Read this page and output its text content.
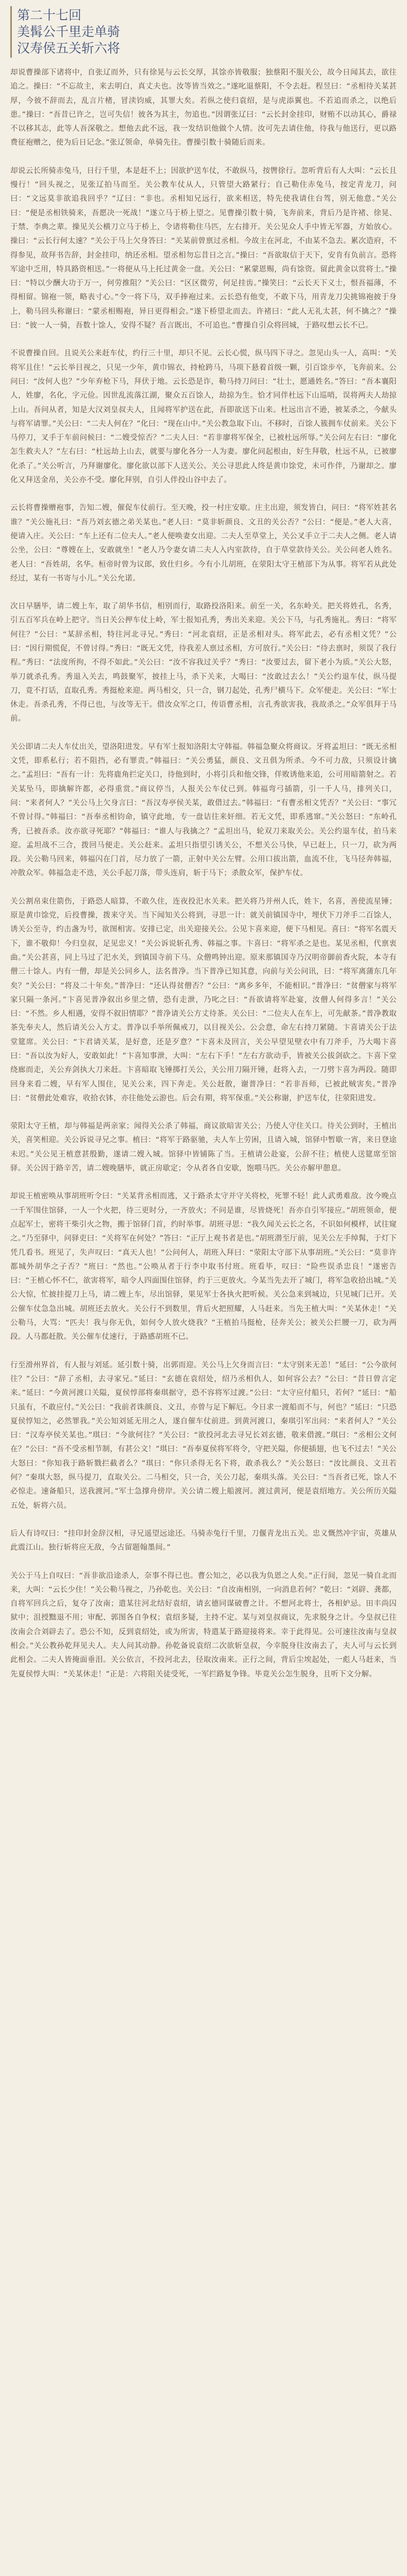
第二十七回
美髯公千里走单骑
汉寿侯五关斩六将

却说曹操部下诸将中，自张辽而外，只有徐晃与云长交厚，其馀亦皆敬服；独蔡阳不服关公，故今日闻其去，欲往追之。操曰：“不忘故主，来去明白，真丈夫也。汝等皆当效之。”遂叱退蔡阳，不令去赶。程昱曰：“丞相待关某甚厚，今彼不辞而去，乱言片楮，冒渎钧威，其罪大矣。若纵之使归袁绍，是与虎添翼也。不若追而杀之，以绝后患。”操曰：“吾昔已许之，岂可失信！彼各为其主，勿追也。”因谓张辽曰：“云长封金挂印，财贿不以动其心，爵禄不以移其志，此等人吾深敬之。想他去此不远，我一发结识他做个人情。汝可先去请住他，待我与他送行，更以路费征袍赠之，使为后日记念。”张辽领命，单骑先往。曹操引数十骑随后而来。

却说云长所骑赤兔马，日行千里，本是赶不上；因欲护送车仗，不敢纵马，按辔徐行。忽听背后有人大叫：“云长且慢行！”回头视之，见张辽拍马而至。关公教车仗从人，只管望大路紧行；自己勒住赤兔马，按定青龙刀，问曰：“文远莫非欲追我回乎？”辽曰：“非也。丞相知兄远行，欲来相送，特先使我请住台驾，别无他意。”关公曰：“便是丞相铁骑来，吾愿决一死战！”遂立马于桥上望之。见曹操引数十骑，飞奔前来，背后乃是许褚、徐晃、于禁、李典之辈。操见关公横刀立马于桥上，令诸将勒住马匹，左右排开。关公见众人手中皆无军器，方始放心。操曰：“云长行何太速？”关公于马上欠身答曰：“关某前曾禀过丞相。今故主在河北，不由某不急去。累次造府，不得参见，故拜书告辞，封金挂印，纳还丞相。望丞相勿忘昔日之言。”操曰：“吾欲取信于天下，安肯有负前言。恐将军途中乏用，特具路资相送。”一将便从马上托过黄金一盘。关公曰：“累蒙恩赐，尚有馀资。留此黄金以赏将士。”操曰：“特以少酬大功于万一，何劳推阻？”关公曰：“区区微劳，何足挂齿。”操笑曰：“云长天下义士，恨吾福薄，不得相留。锦袍一领，略表寸心。”令一将下马，双手捧袍过来。云长恐有他变，不敢下马，用青龙刀尖挑锦袍披于身上，勒马回头称谢曰：“蒙丞相赐袍，异日更得相会。”遂下桥望北而去。许褚曰：“此人无礼太甚，何不擒之？”操曰：“彼一人一骑，吾数十馀人，安得不疑？吾言既出，不可追也。”曹操自引众将回城，于路叹想云长不已。

不说曹操自回。且说关公来赶车仗，约行三十里，却只不见。云长心慌，纵马四下寻之。忽见山头一人，高叫：“关将军且住！”云长举目视之，只见一少年，黄巾锦衣，持枪跨马，马项下悬着首级一颗，引百馀步卒，飞奔前来。公问曰：“汝何人也？”少年弃枪下马，拜伏于地。云长恐是诈，勒马持刀问曰：“壮士，愿通姓名。”答曰：“吾本襄阳人，姓廖，名化，字元俭。因世乱流落江湖，聚众五百馀人，劫掠为生。恰才同伴杜远下山巡哨，误将两夫人劫掠上山。吾问从者，知是大汉刘皇叔夫人，且闻将军护送在此，吾即欲送下山来。杜远出言不逊，被某杀之，今献头与将军请罪。”关公曰：“二夫人何在？”化曰：“现在山中。”关公教急取下山。不移时，百馀人簇拥车仗前来。关公下马停刀，叉手于车前问候曰：“二嫂受惊否？”二夫人曰：“若非廖将军保全，已被杜远所辱。”关公问左右曰：“廖化怎生救夫人？”左右曰：“杜远劫上山去，就要与廖化各分一人为妻。廖化问起根由，好生拜敬，杜远不从，已被廖化杀了。”关公听言，乃拜谢廖化。廖化欲以部下人送关公。关公寻思此人终是黄巾馀党，未可作伴，乃谢却之。廖化又拜送金帛，关公亦不受。廖化拜别，自引人伴投山谷中去了。

云长将曹操赠袍事，告知二嫂，催促车仗前行。至天晚，投一村庄安歇。庄主出迎，须发皆白，问曰：“将军姓甚名谁？”关公施礼曰：“吾乃刘玄德之弟关某也。”老人曰：“莫非斩颜良、文丑的关公否？”公曰：“便是。”老人大喜，便请入庄。关公曰：“车上还有二位夫人。”老人便唤妻女出迎。二夫人至草堂上，关公叉手立于二夫人之侧。老人请公坐，公曰：“尊嫂在上，安敢就坐！”老人乃令妻女请二夫人入内室款待，自于草堂款待关公。关公问老人姓名。老人曰：“吾姓胡，名华。桓帝时曾为议郎，致仕归乡。今有小儿胡班，在荥阳太守王植部下为从事。将军若从此处经过，某有一书寄与小儿。”关公允诺。

次日早膳毕，请二嫂上车，取了胡华书信，相别而行，取路投洛阳来。前至一关，名东岭关。把关将姓孔，名秀，引五百军兵在岭上把守。当日关公押车仗上岭，军士报知孔秀，秀出关来迎。关公下马，与孔秀施礼。秀曰：“将军何往？”公曰：“某辞丞相，特往河北寻兄。”秀曰：“河北袁绍，正是丞相对头。将军此去，必有丞相文凭？”公曰：“因行期慌促，不曾讨得。”秀曰：“既无文凭，待我差人禀过丞相，方可放行。”关公曰：“待去禀时，须误了我行程。”秀曰：“法度所拘，不得不如此。”关公曰：“汝不容我过关乎？”秀曰：“汝要过去，留下老小为质。”关公大怒，举刀就杀孔秀。秀退入关去，鸣鼓聚军，披挂上马，杀下关来，大喝曰：“汝敢过去么！”关公约退车仗，纵马提刀，竟不打话，直取孔秀。秀挺枪来迎。两马相交，只一合，钢刀起处，孔秀尸横马下。众军便走。关公曰：“军士休走。吾杀孔秀，不得已也，与汝等无干。借汝众军之口，传语曹丞相，言孔秀欲害我，我故杀之。”众军俱拜于马前。

关公即请二夫人车仗出关，望洛阳进发。早有军士报知洛阳太守韩福。韩福急聚众将商议。牙将孟坦曰：“既无丞相文凭，即系私行；若不阻挡，必有罪责。”韩福曰：“关公勇猛，颜良、文丑俱为所杀。今不可力敌，只须设计擒之。”孟坦曰：“吾有一计：先将鹿角拦定关口，待他到时，小将引兵和他交锋，佯败诱他来追，公可用暗箭射之。若关某坠马，即擒解许都，必得重赏。”商议停当，人报关公车仗已到。韩福弯弓插箭，引一千人马，排列关口，问：“来者何人？”关公马上欠身言曰：“吾汉寿亭侯关某，敢借过去。”韩福曰：“有曹丞相文凭否？”关公曰：“事冗不曾讨得。”韩福曰：“吾奉丞相钧命，镇守此地，专一盘诘往来奸细。若无文凭，即系逃窜。”关公怒曰：“东岭孔秀，已被吾杀。汝亦欲寻死耶？”韩福曰：“谁人与我擒之？”孟坦出马，轮双刀来取关公。关公约退车仗，拍马来迎。孟坦战不三合，拨回马便走。关公赶来。孟坦只指望引诱关公，不想关公马快，早已赶上，只一刀，砍为两段。关公勒马回来，韩福闪在门首，尽力放了一箭，正射中关公左臂。公用口拔出箭，血流不住，飞马径奔韩福，冲散众军。韩福急走不迭，关公手起刀落，带头连肩，斩于马下；杀散众军，保护车仗。

关公割帛束住箭伤，于路恐人暗算，不敢久住，连夜投汜水关来。把关将乃并州人氏，姓卞，名喜，善使流星锤；原是黄巾馀党，后投曹操，拨来守关。当下闻知关公将到，寻思一计：就关前镇国寺中，埋伏下刀斧手二百馀人，诱关公至寺，约击盏为号，欲图相害。安排已定，出关迎接关公。公见卞喜来迎，便下马相见。喜曰：“将军名震天下，谁不敬仰！今归皇叔，足见忠义！”关公诉说斩孔秀、韩福之事。卞喜曰：“将军杀之是也。某见丞相，代禀衷曲。”关公甚喜，同上马过了汜水关，到镇国寺前下马。众僧鸣钟出迎。原来那镇国寺乃汉明帝御前香火院，本寺有僧三十馀人。内有一僧，却是关公同乡人，法名普净。当下普净已知其意，向前与关公问讯，曰：“将军离蒲东几年矣？”关公曰：“将及二十年矣。”普净曰：“还认得贫僧否？”公曰：“离乡多年，不能相识。”普净曰：“贫僧家与将军家只隔一条河。”卞喜见普净叙出乡里之情，恐有走泄，乃叱之曰：“吾欲请将军赴宴，汝僧人何得多言！”关公曰：“不然。乡人相遇，安得不叙旧情耶？”普净请关公方丈待茶。关公曰：“二位夫人在车上，可先献茶。”普净教取茶先奉夫人，然后请关公入方丈。普净以手举所佩戒刀，以目视关公。公会意，命左右持刀紧随。卞喜请关公于法堂筵席。关公曰：“卞君请关某，是好意，还是歹意？”卞喜未及回言，关公早望见壁衣中有刀斧手，乃大喝卞喜曰：“吾以汝为好人，安敢如此！”卞喜知事泄，大叫：“左右下手！”左右方欲动手，皆被关公拔剑砍之。卞喜下堂绕廊而走，关公弃剑执大刀来赶。卞喜暗取飞锤掷打关公，关公用刀隔开锤，赶将入去，一刀劈卞喜为两段。随即回身来看二嫂，早有军人围住，见关公来，四下奔走。关公赶散，谢普净曰：“若非吾师，已被此贼害矣。”普净曰：“贫僧此处难容，收拾衣钵，亦往他处云游也。后会有期，将军保重。”关公称谢，护送车仗，往荥阳进发。

荥阳太守王植，却与韩福是两亲家；闻得关公杀了韩福，商议欲暗害关公；乃使人守住关口。待关公到时，王植出关，喜笑相迎。关公诉说寻兄之事。植曰：“将军于路驱驰，夫人车上劳困，且请入城，馆驿中暂歇一宵，来日登途未迟。”关公见王植意甚殷勤，遂请二嫂入城。馆驿中皆铺陈了当。王植请公赴宴，公辞不往；植使人送筵席至馆驿。关公因于路辛苦，请二嫂晚膳毕，就正房歇定；令从者各自安歇，饱喂马匹。关公亦解甲憩息。

却说王植密唤从事胡班听令曰：“关某背丞相而逃，又于路杀太守并守关将校，死罪不轻！此人武勇难敌。汝今晚点一千军围住馆驿，一人一个火把，待三更时分，一齐放火；不问是谁，尽皆烧死！吾亦自引军接应。”胡班领命，便点起军士，密将干柴引火之物，搬于馆驿门首，约时举事。胡班寻思：“我久闻关云长之名，不识如何模样，试往窥之。”乃至驿中，问驿吏曰：“关将军在何处？”答曰：“正厅上观书者是也。”胡班潜至厅前，见关公左手绰髯，于灯下凭几看书。班见了，失声叹曰：“真天人也！”公问何人，胡班入拜曰：“荥阳太守部下从事胡班。”关公曰：“莫非许都城外胡华之子否？”班曰：“然也。”公唤从者于行李中取书付班。班看毕，叹曰：“险些误杀忠良！”遂密告曰：“王植心怀不仁，欲害将军，暗令人四面围住馆驿，约于三更放火。今某当先去开了城门，将军急收拾出城。”关公大惊，忙披挂提刀上马，请二嫂上车，尽出馆驿，果见军士各执火把听候。关公急来到城边，只见城门已开。关公催车仗急急出城。胡班还去放火。关公行不到数里，背后火把照耀，人马赶来。当先王植大叫：“关某休走！”关公勒马，大骂：“匹夫！我与你无仇，如何令人放火烧我？”王植拍马挺枪，径奔关公；被关公拦腰一刀，砍为两段。人马都赶散。关公催车仗速行，于路感胡班不已。

行至滑州界首，有人报与刘延。延引数十骑，出郭而迎。关公马上欠身而言曰：“太守别来无恙！”延曰：“公今欲何往？”公曰：“辞了丞相，去寻家兄。”延曰：“玄德在袁绍处，绍乃丞相仇人，如何容公去？”公曰：“昔日曾言定来。”延曰：“今黄河渡口关隘，夏侯惇部将秦琪据守，恐不容将军过渡。”公曰：“太守应付船只，若何？”延曰：“船只虽有，不敢应付。”关公曰：“我前者诛颜良、文丑，亦曾与足下解厄。今日求一渡船而不与，何也？”延曰：“只恐夏侯惇知之，必然罪我。”关公知刘延无用之人，遂自催车仗前进。到黄河渡口，秦琪引军出问：“来者何人？”关公曰：“汉寿亭侯关某也。”琪曰：“今欲何往？”关公曰：“欲投河北去寻兄长刘玄德，敬来借渡。”琪曰：“丞相公文何在？”公曰：“吾不受丞相节制，有甚公文！”琪曰：“吾奉夏侯将军将令，守把关隘，你便插翅，也飞不过去！”关公大怒曰：“你知我于路斩戮拦截者么？”琪曰：“你只杀得无名下将，敢杀我么？”关公怒曰：“汝比颜良、文丑若何？”秦琪大怒，纵马提刀，直取关公。二马相交，只一合，关公刀起，秦琪头落。关公曰：“当吾者已死，馀人不必惊走。速备船只，送我渡河。”军士急撑舟傍岸。关公请二嫂上船渡河。渡过黄河，便是袁绍地方。关公所历关隘五处，斩将六员。

后人有诗叹曰：“挂印封金辞汉相，寻兄遥望远途还。马骑赤兔行千里，刀偃青龙出五关。忠义慨然冲宇宙，英雄从此震江山。独行斩将应无敌，今古留题翰墨间。”

关公于马上自叹曰：“吾非欲沿途杀人，奈事不得已也。曹公知之，必以我为负恩之人矣。”正行间，忽见一骑自北而来，大叫：“云长少住！”关公勒马视之，乃孙乾也。关公曰：“自汝南相别，一向消息若何？”乾曰：“刘辟、龚都，自将军回兵之后，复夺了汝南；遣某往河北结好袁绍，请玄德同谋破曹之计。不想河北将士，各相妒忌。田丰尚囚狱中；沮授黜退不用；审配、郭图各自争权；袁绍多疑，主持不定。某与刘皇叔商议，先求脱身之计。今皇叔已往汝南会合刘辟去了。恐公不知，反到袁绍处，或为所害，特遣某于路迎接将来。幸于此得见。公可速往汝南与皇叔相会。”关公教孙乾拜见夫人。夫人问其动静。孙乾备说袁绍二次欲斩皇叔，今幸脱身往汝南去了，夫人可与云长到此相会。二夫人皆掩面垂泪。关公依言，不投河北去，径取汝南来。正行之间，背后尘埃起处，一彪人马赶来，当先夏侯惇大叫：“关某休走！”正是：六将阻关徒受死，一军拦路复争锋。毕竟关公怎生脱身，且听下文分解。
